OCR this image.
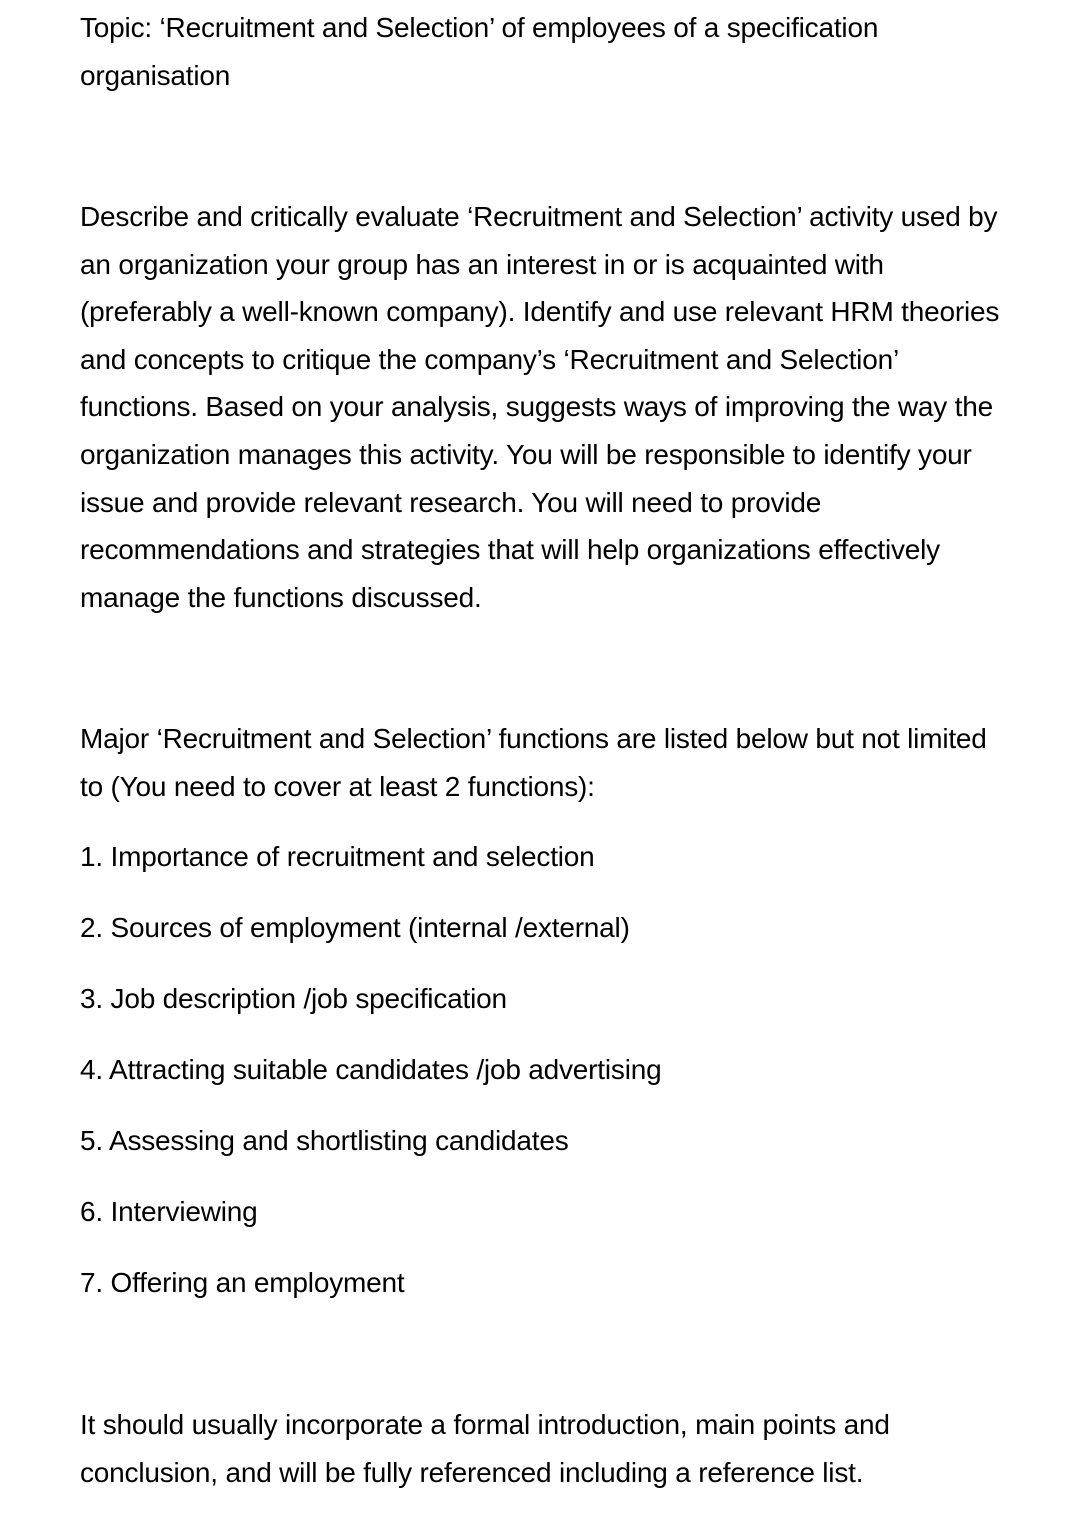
Topic: ‘Recruitment and Selection’ of employees of a specification organisation

Describe and critically evaluate ‘Recruitment and Selection’ activity used by an organization your group has an interest in or is acquainted with (preferably a well-known company). Identify and use relevant HRM theories and concepts to critique the company’s ‘Recruitment and Selection’ functions. Based on your analysis, suggests ways of improving the way the organization manages this activity. You will be responsible to identify your issue and provide relevant research. You will need to provide recommendations and strategies that will help organizations effectively manage the functions discussed.

Major ‘Recruitment and Selection’ functions are listed below but not limited to (You need to cover at least 2 functions):

1. Importance of recruitment and selection
2. Sources of employment (internal /external)
3. Job description /job specification
4. Attracting suitable candidates /job advertising
5. Assessing and shortlisting candidates
6. Interviewing
7. Offering an employment

It should usually incorporate a formal introduction, main points and conclusion, and will be fully referenced including a reference list.
